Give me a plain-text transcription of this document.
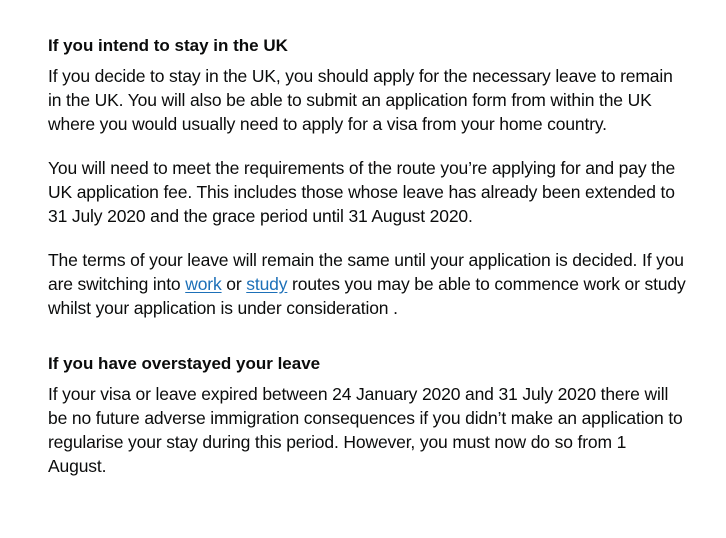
If you intend to stay in the UK

If you decide to stay in the UK, you should apply for the necessary leave to remain in the UK. You will also be able to submit an application form from within the UK where you would usually need to apply for a visa from your home country.

You will need to meet the requirements of the route you’re applying for and pay the UK application fee. This includes those whose leave has already been extended to 31 July 2020 and the grace period until 31 August 2020.

The terms of your leave will remain the same until your application is decided. If you are switching into work or study routes you may be able to commence work or study whilst your application is under consideration .

If you have overstayed your leave

If your visa or leave expired between 24 January 2020 and 31 July 2020 there will be no future adverse immigration consequences if you didn’t make an application to regularise your stay during this period. However, you must now do so from 1 August.
